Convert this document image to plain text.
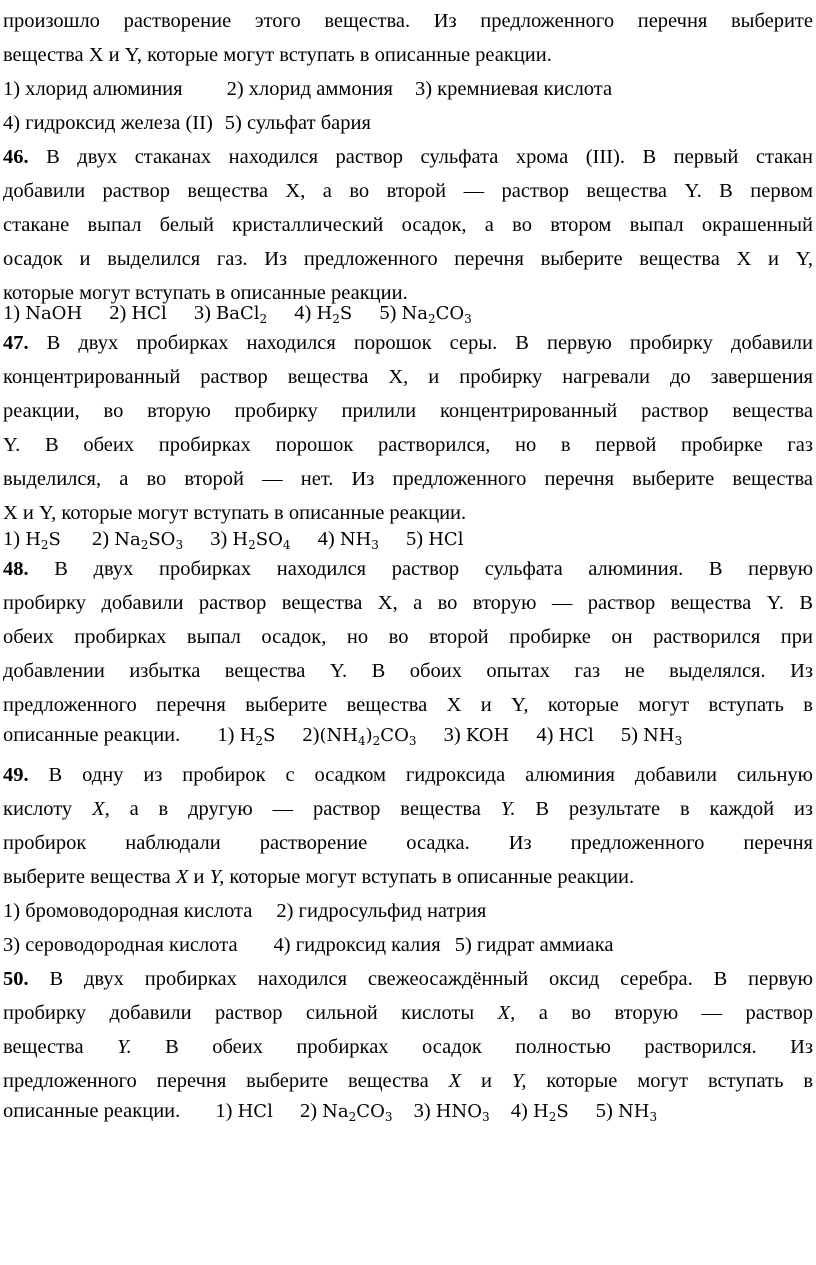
произошло растворение этого вещества. Из предложенного перечня выберите
вещества X и Y, которые могут вступать в описанные реакции.
1) хлорид алюминия 2) хлорид аммония 3) кремниевая кислота
4) гидроксид железа (II) 5) сульфат бария
46. В двух стаканах находился раствор сульфата хрома (III). В первый стакан
добавили раствор вещества X, а во второй — раствор вещества Y. В первом
стакане выпал белый кристаллический осадок, а во втором выпал окрашенный
осадок и выделился газ. Из предложенного перечня выберите вещества X и Y,
которые могут вступать в описанные реакции.
1) NaOH 2) HCl 3) BaCl$_2$ 4) $H_2S$ 5) $Na_2CO_3$
47. В двух пробирках находился порошок серы. В первую пробирку добавили
концентрированный раствор вещества X, и пробирку нагревали до завершения
реакции, во вторую пробирку прилили концентрированный раствор вещества
Y. В обеих пробирках порошок растворился, но в первой пробирке газ
выделился, а во второй — нет. Из предложенного перечня выберите вещества
X и Y, которые могут вступать в описанные реакции.
1) $H_2S$ 2) $Na_2SO_3$ 3) $H_2SO_4$ 4) $NH_3$ 5) HCl
48. В двух пробирках находился раствор сульфата алюминия. В первую
пробирку добавили раствор вещества X, а во вторую — раствор вещества Y. В
обеих пробирках выпал осадок, но во второй пробирке он растворился при
добавлении избытка вещества Y. В обоих опытах газ не выделялся. Из
предложенного перечня выберите вещества X и Y, которые могут вступать в
описанные реакции. 1) $H_2S$ $2)(NH_4)_2CO_3$ 3) KOH 4) HCl 5) $NH_3$
49. В одну из пробирок с осадком гидроксида алюминия добавили сильную
кислоту X, а в другую — раствор вещества Y. В результате в каждой из
пробирок наблюдали растворение осадка. Из предложенного перечня
выберите вещества X и Y, которые могут вступать в описанные реакции.
1) бромоводородная кислота 2) гидросульфид натрия
3) сероводородная кислота 4) гидроксид калия 5) гидрат аммиака
50. В двух пробирках находился свежеосаждённый оксид серебра. В первую
пробирку добавили раствор сильной кислоты X, а во вторую — раствор
вещества Y. В обеих пробирках осадок полностью растворился. Из
предложенного перечня выберите вещества X и Y, которые могут вступать в
описанные реакции. 1) HCl 2) $Na_2CO_3$ 3) $HNO_3$ 4) $H_2S$ 5) $NH_3$
